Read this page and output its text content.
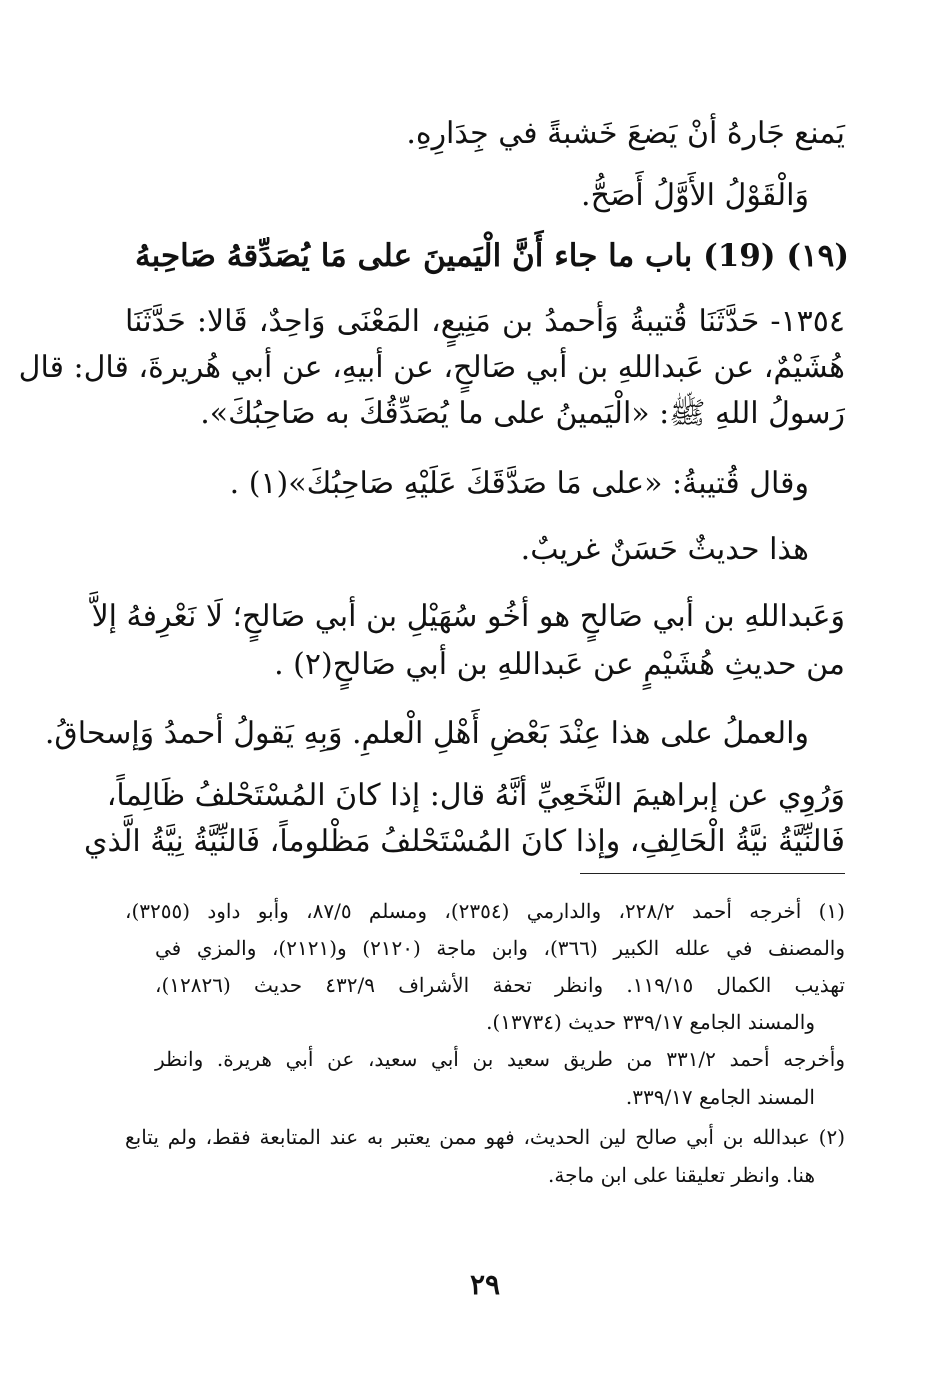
يَمنع جَارهُ أنْ يَضعَ خَشبةً في جِدَارِهِ.
وَالْقَوْلُ الأَوَّلُ أَصَحُّ.
(١٩) (19) باب ما جاء أَنَّ الْيَمينَ على مَا يُصَدِّقهُ صَاحِبهُ
١٣٥٤- حَدَّثَنَا قُتيبةُ وَأحمدُ بن مَنِيعٍ، المَعْنَى وَاحِدٌ، قَالا: حَدَّثَنَا
هُشَيْمٌ، عن عَبداللهِ بن أبي صَالحٍ، عن أبيهِ، عن أبي هُريرةَ، قال: قال
رَسولُ اللهِ ﷺ: «الْيَمينُ على ما يُصَدِّقُكَ به صَاحِبُكَ».
وقال قُتيبةُ: «على مَا صَدَّقَكَ عَلَيْهِ صَاحِبُكَ»(١) .
هذا حديثٌ حَسَنٌ غريبٌ.
وَعَبداللهِ بن أبي صَالحٍ هو أخُو سُهَيْلِ بن أبي صَالحٍ؛ لَا نَعْرِفهُ إلاَّ
من حديثِ هُشَيْمٍ عن عَبداللهِ بن أبي صَالحٍ(٢) .
والعملُ على هذا عِنْدَ بَعْضِ أَهْلِ الْعلمِ. وَبِهِ يَقولُ أحمدُ وَإسحاقُ.
وَرُوِي عن إبراهيمَ النَّخَعِيِّ أنَّهُ قال: إذا كانَ المُسْتَحْلفُ ظَالِماً،
فَالنِّيَّةُ نيَّةُ الْحَالِفِ، وإذا كانَ المُسْتَحْلفُ مَظْلوماً، فَالنِّيَّةُ نِيَّةُ الَّذي
(١) أخرجه أحمد ٢٢٨/٢، والدارمي (٢٣٥٤)، ومسلم ٨٧/٥، وأبو داود (٣٢٥٥)،
والمصنف في علله الكبير (٣٦٦)، وابن ماجة (٢١٢٠) و(٢١٢١)، والمزي في
تهذيب الكمال ١١٩/١٥. وانظر تحفة الأشراف ٤٣٢/٩ حديث (١٢٨٢٦)،
والمسند الجامع ٣٣٩/١٧ حديث (١٣٧٣٤).
وأخرجه أحمد ٣٣١/٢ من طريق سعيد بن أبي سعيد، عن أبي هريرة. وانظر
المسند الجامع ٣٣٩/١٧.
(٢) عبدالله بن أبي صالح لين الحديث، فهو ممن يعتبر به عند المتابعة فقط، ولم يتابع
هنا. وانظر تعليقنا على ابن ماجة.
٢٩
